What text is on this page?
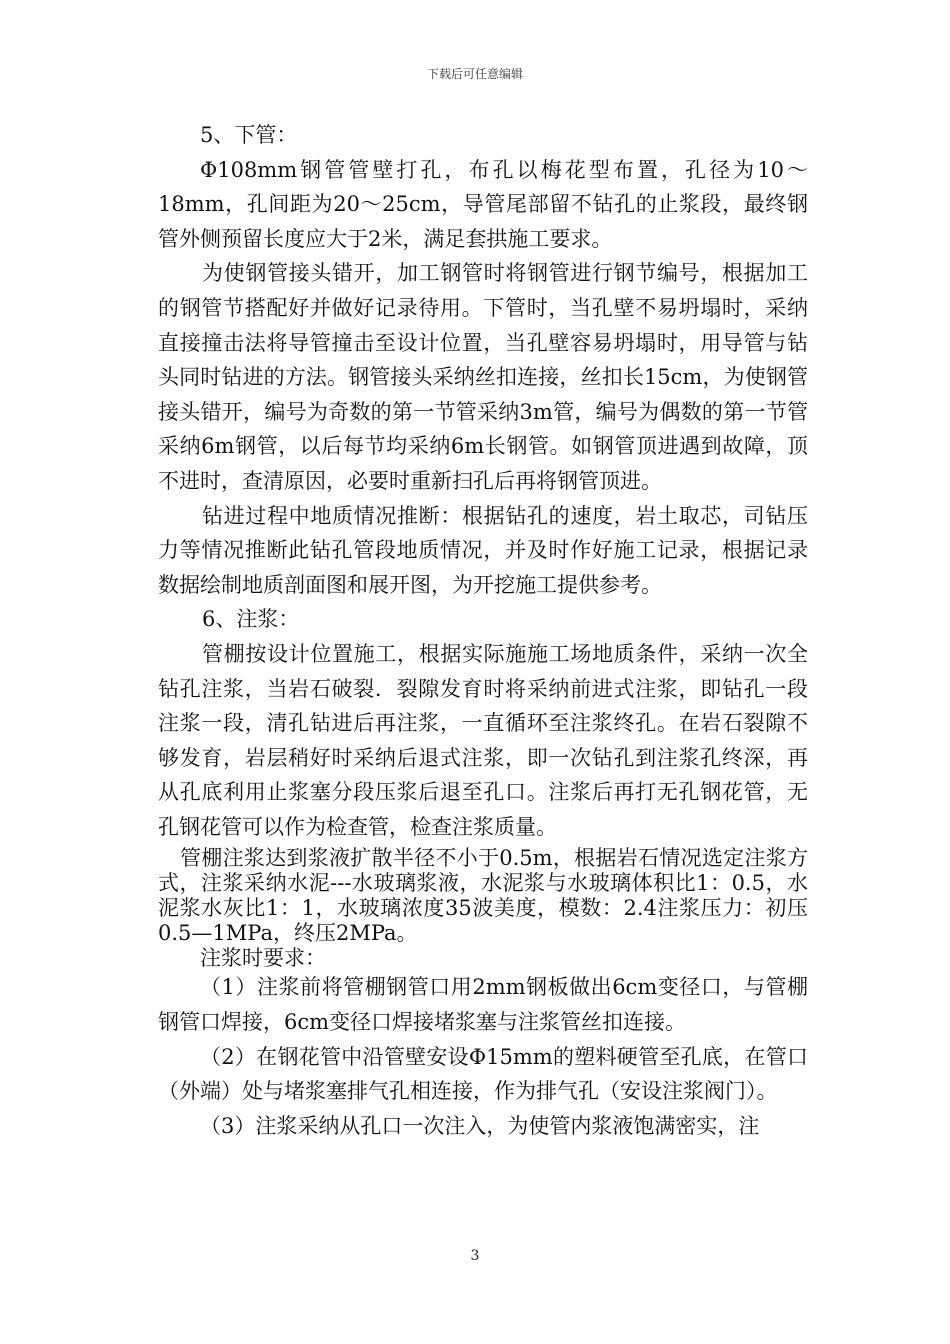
下载后可任意编辑

5、下管：

Φ108mm钢管管壁打孔，布孔以梅花型布置，孔径为10～18mm，孔间距为20～25cm，导管尾部留不钻孔的止浆段，最终钢管外侧预留长度应大于2米，满足套拱施工要求。

为使钢管接头错开，加工钢管时将钢管进行钢节编号，根据加工的钢管节搭配好并做好记录待用。下管时，当孔壁不易坍塌时，采纳直接撞击法将导管撞击至设计位置，当孔壁容易坍塌时，用导管与钻头同时钻进的方法。钢管接头采纳丝扣连接，丝扣长15cm，为使钢管接头错开，编号为奇数的第一节管采纳3m管，编号为偶数的第一节管采纳6m钢管，以后每节均采纳6m长钢管。如钢管顶进遇到故障，顶不进时，查清原因，必要时重新扫孔后再将钢管顶进。

钻进过程中地质情况推断：根据钻孔的速度，岩土取芯，司钻压力等情况推断此钻孔管段地质情况，并及时作好施工记录，根据记录数据绘制地质剖面图和展开图，为开挖施工提供参考。

6、注浆：

管棚按设计位置施工，根据实际施施工场地质条件，采纳一次全钻孔注浆，当岩石破裂．裂隙发育时将采纳前进式注浆，即钻孔一段注浆一段，清孔钻进后再注浆，一直循环至注浆终孔。在岩石裂隙不够发育，岩层稍好时采纳后退式注浆，即一次钻孔到注浆孔终深，再从孔底利用止浆塞分段压浆后退至孔口。注浆后再打无孔钢花管，无孔钢花管可以作为检查管，检查注浆质量。

管棚注浆达到浆液扩散半径不小于0.5m，根据岩石情况选定注浆方式，注浆采纳水泥---水玻璃浆液，水泥浆与水玻璃体积比1：0.5，水泥浆水灰比1：1，水玻璃浓度35波美度，模数：2.4注浆压力：初压0.5—1MPa，终压2MPa。

注浆时要求：

（1）注浆前将管棚钢管口用2mm钢板做出6cm变径口，与管棚钢管口焊接，6cm变径口焊接堵浆塞与注浆管丝扣连接。

（2）在钢花管中沿管壁安设Φ15mm的塑料硬管至孔底，在管口（外端）处与堵浆塞排气孔相连接，作为排气孔（安设注浆阀门）。

（3）注浆采纳从孔口一次注入，为使管内浆液饱满密实，注

3
